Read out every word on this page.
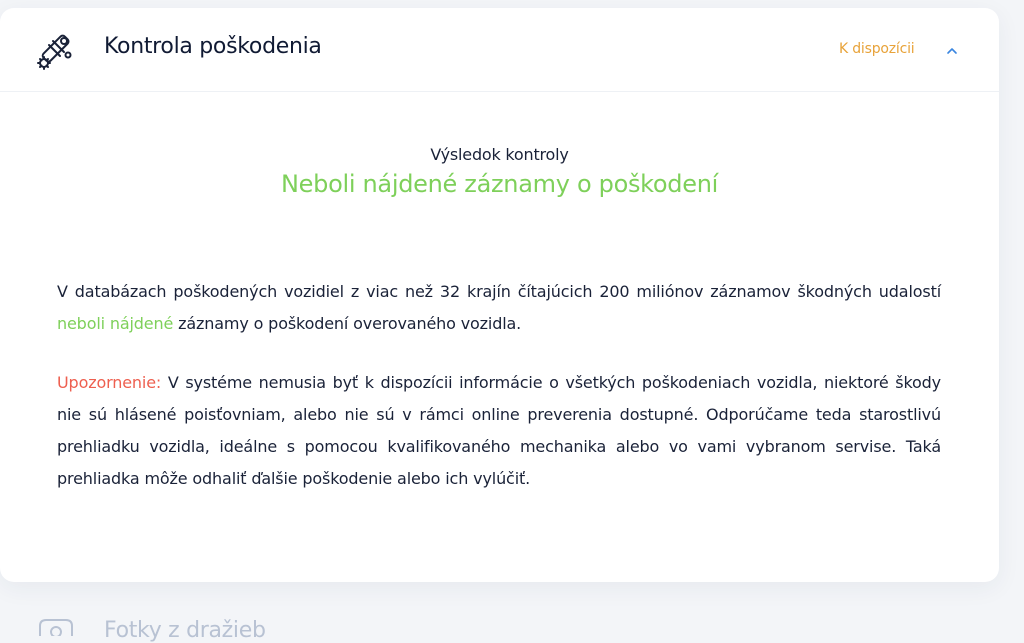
Kontrola poškodenia	K dispozícii
Výsledok kontroly
Neboli nájdené záznamy o poškodení

V databázach poškodených vozidiel z viac než 32 krajín čítajúcich 200 miliónov záznamov škodných udalostí neboli nájdené záznamy o poškodení overovaného vozidla.

Upozornenie: V systéme nemusia byť k dispozícii informácie o všetkých poškodeniach vozidla, niektoré škody nie sú hlásené poisťovniam, alebo nie sú v rámci online preverenia dostupné. Odporúčame teda starostlivú prehliadku vozidla, ideálne s pomocou kvalifikovaného mechanika alebo vo vami vybranom servise. Taká prehliadka môže odhaliť ďalšie poškodenie alebo ich vylúčiť.

Fotky z dražieb
